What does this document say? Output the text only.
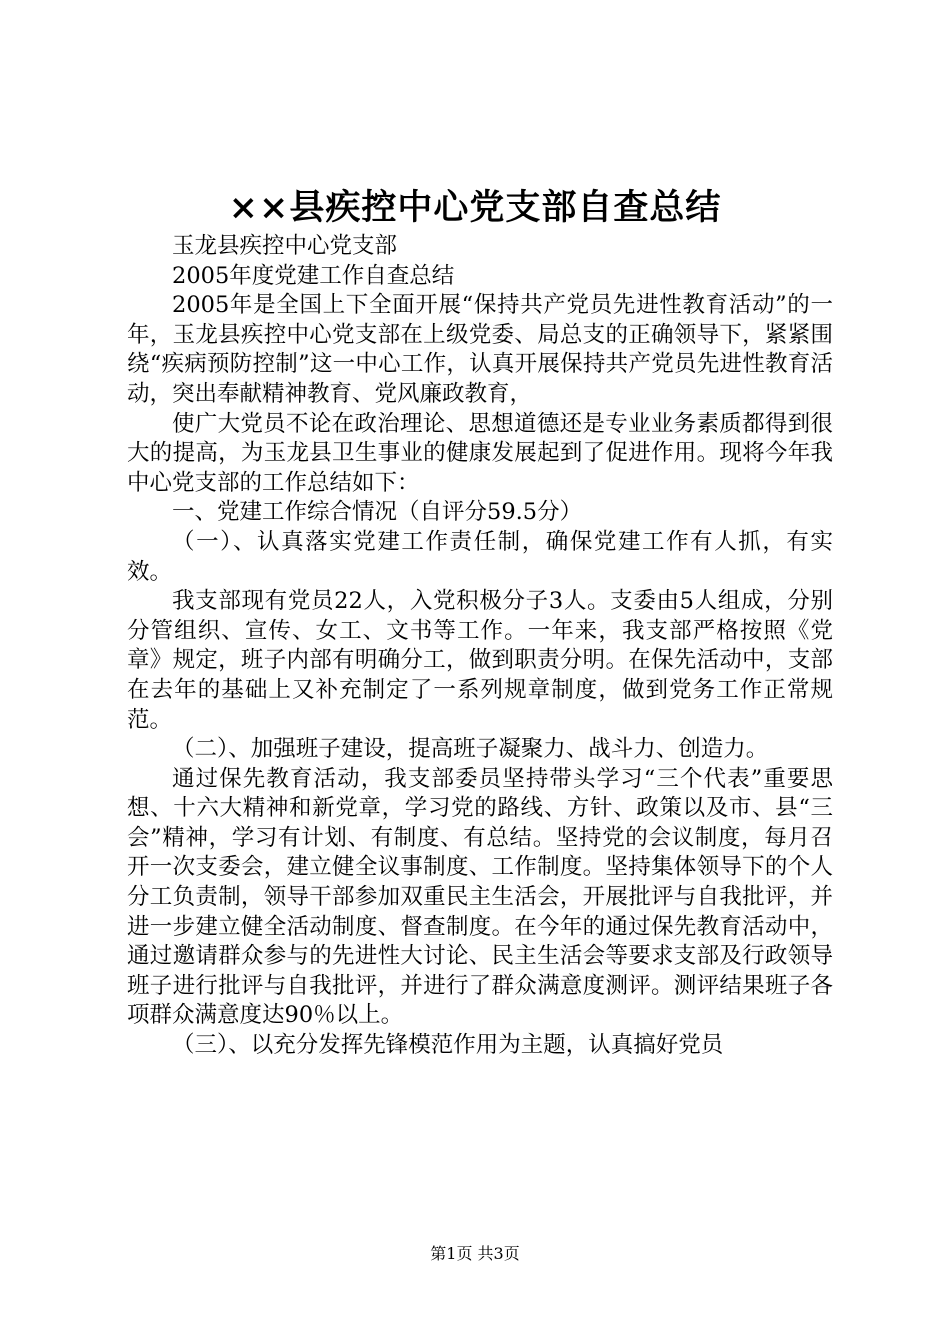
××县疾控中心党支部自查总结

玉龙县疾控中心党支部

2005年度党建工作自查总结

2005年是全国上下全面开展“保持共产党员先进性教育活动”的一年，玉龙县疾控中心党支部在上级党委、局总支的正确领导下，紧紧围绕“疾病预防控制”这一中心工作，认真开展保持共产党员先进性教育活动，突出奉献精神教育、党风廉政教育，

使广大党员不论在政治理论、思想道德还是专业业务素质都得到很大的提高，为玉龙县卫生事业的健康发展起到了促进作用。现将今年我中心党支部的工作总结如下：

一、党建工作综合情况（自评分59.5分）

（一）、认真落实党建工作责任制，确保党建工作有人抓，有实效。

我支部现有党员22人，入党积极分子3人。支委由5人组成，分别分管组织、宣传、女工、文书等工作。一年来，我支部严格按照《党章》规定，班子内部有明确分工，做到职责分明。在保先活动中，支部在去年的基础上又补充制定了一系列规章制度，做到党务工作正常规范。

（二）、加强班子建设，提高班子凝聚力、战斗力、创造力。

通过保先教育活动，我支部委员坚持带头学习“三个代表”重要思想、十六大精神和新党章，学习党的路线、方针、政策以及市、县“三会”精神，学习有计划、有制度、有总结。坚持党的会议制度，每月召开一次支委会，建立健全议事制度、工作制度。坚持集体领导下的个人分工负责制，领导干部参加双重民主生活会，开展批评与自我批评，并进一步建立健全活动制度、督查制度。在今年的通过保先教育活动中，通过邀请群众参与的先进性大讨论、民主生活会等要求支部及行政领导班子进行批评与自我批评，并进行了群众满意度测评。测评结果班子各项群众满意度达90％以上。

（三）、以充分发挥先锋模范作用为主题，认真搞好党员

第1页 共3页
